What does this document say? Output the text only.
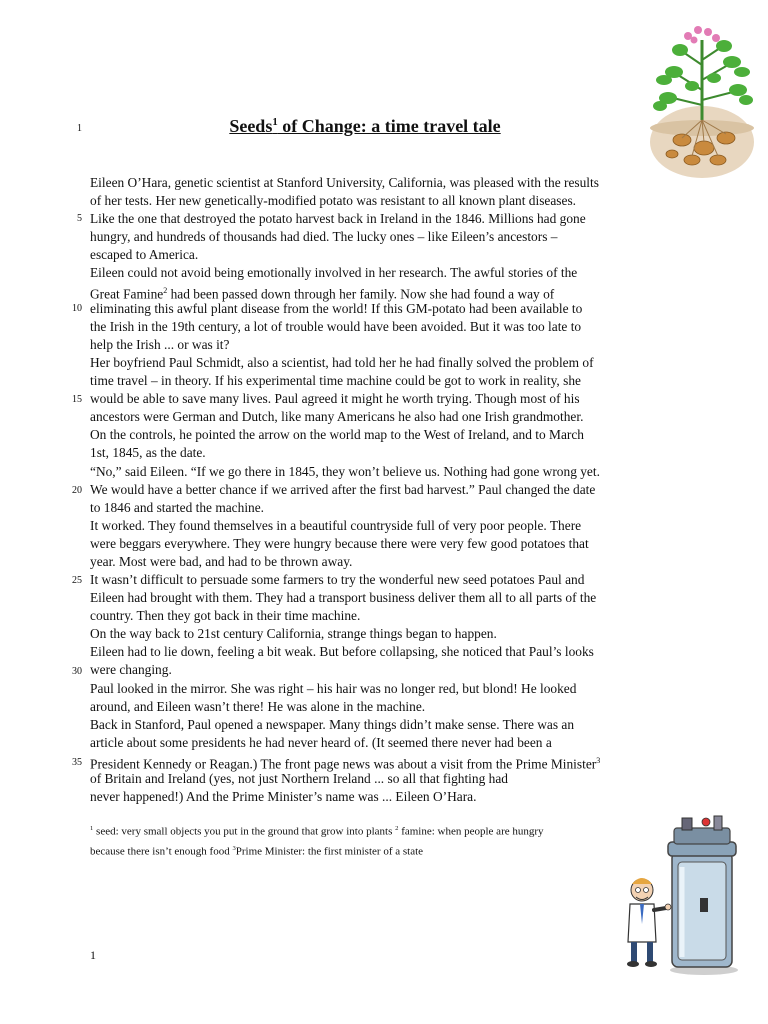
1
5
10
15
20
25
30
35
Seeds$^1$ of Change: a time travel tale
Eileen O’Hara, genetic scientist at Stanford University, California, was pleased with the results
of her tests. Her new genetically-modified potato was resistant to all known plant diseases.
Like the one that destroyed the potato harvest back in Ireland in the 1846. Millions had gone
hungry, and hundreds of thousands had died. The lucky ones – like Eileen’s ancestors –
escaped to America.
Eileen could not avoid being emotionally involved in her research. The awful stories of the
Great Famine$^2$ had been passed down through her family. Now she had found a way of
eliminating this awful plant disease from the world! If this GM-potato had been available to
the Irish in the 19th century, a lot of trouble would have been avoided. But it was too late to
help the Irish ... or was it?
Her boyfriend Paul Schmidt, also a scientist, had told her he had finally solved the problem of
time travel – in theory. If his experimental time machine could be got to work in reality, she
would be able to save many lives. Paul agreed it might he worth trying. Though most of his
ancestors were German and Dutch, like many Americans he also had one Irish grandmother.
On the controls, he pointed the arrow on the world map to the West of Ireland, and to March
1st, 1845, as the date.
“No,” said Eileen. “If we go there in 1845, they won’t believe us. Nothing had gone wrong yet.
We would have a better chance if we arrived after the first bad harvest.” Paul changed the date
to 1846 and started the machine.
It worked. They found themselves in a beautiful countryside full of very poor people. There
were beggars everywhere. They were hungry because there were very few good potatoes that
year. Most were bad, and had to be thrown away.
It wasn’t difficult to persuade some farmers to try the wonderful new seed potatoes Paul and
Eileen had brought with them. They had a transport business deliver them all to all parts of the
country. Then they got back in their time machine.
On the way back to 21st century California, strange things began to happen.
Eileen had to lie down, feeling a bit weak. But before collapsing, she noticed that Paul’s looks
were changing.
Paul looked in the mirror. She was right – his hair was no longer red, but blond! He looked
around, and Eileen wasn’t there! He was alone in the machine.
Back in Stanford, Paul opened a newspaper. Many things didn’t make sense. There was an
article about some presidents he had never heard of. (It seemed there never had been a
President Kennedy or Reagan.) The front page news was about a visit from the Prime Minister$^3$
of Britain and Ireland (yes, not just Northern Ireland ... so all that fighting had
never happened!) And the Prime Minister’s name was ... Eileen O’Hara.
$^1$ seed: very small objects you put in the ground that grow into plants $^2$ famine: when people are hungry
because there isn’t enough food $^3$Prime Minister: the first minister of a state
1
